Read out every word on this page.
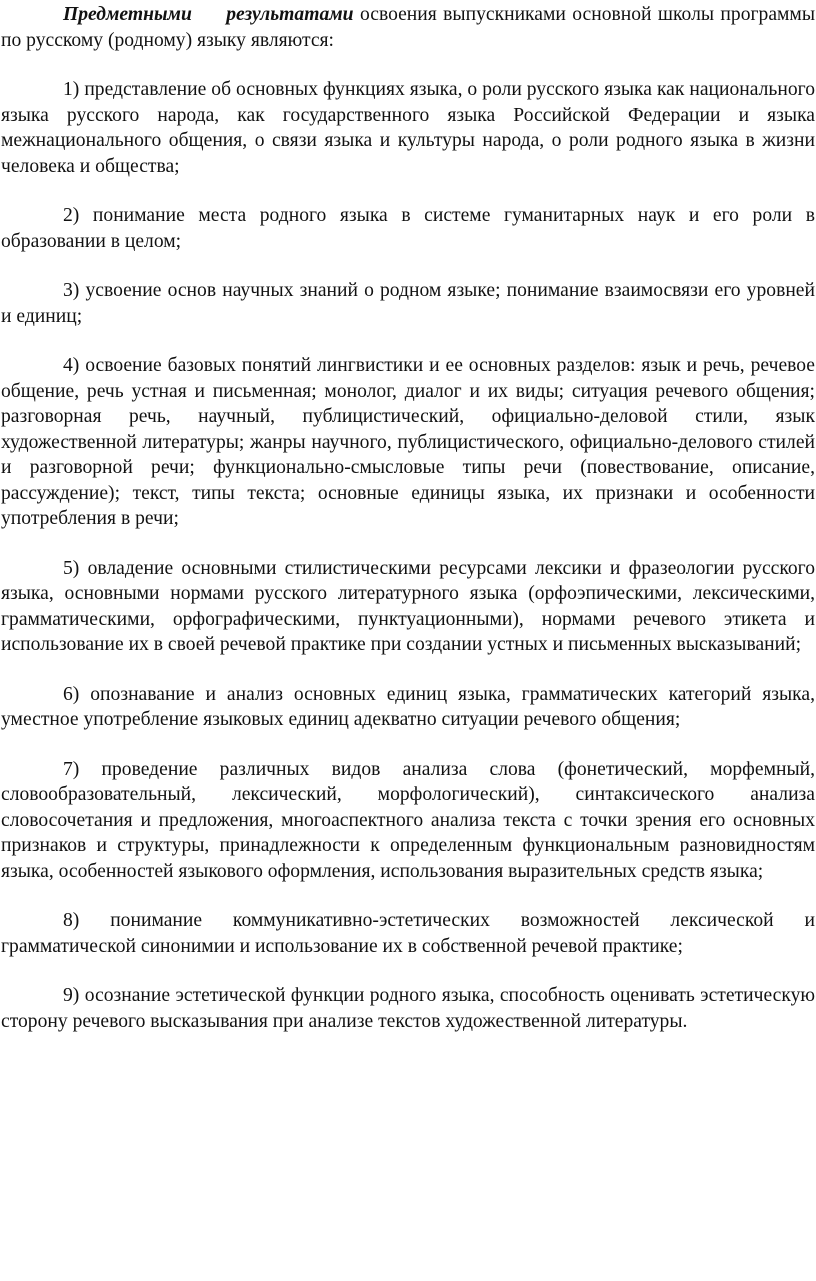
Предметными результатами освоения выпускниками основной школы программы по русскому (родному) языку являются:

1) представление об основных функциях языка, о роли русского языка как национального языка русского народа, как государственного языка Российской Федерации и языка межнационального общения, о связи языка и культуры народа, о роли родного языка в жизни человека и общества;

2) понимание места родного языка в системе гуманитарных наук и его роли в образовании в целом;

3) усвоение основ научных знаний о родном языке; понимание взаимосвязи его уровней и единиц;

4) освоение базовых понятий лингвистики и ее основных разделов: язык и речь, речевое общение, речь устная и письменная; монолог, диалог и их виды; ситуация речевого общения; разговорная речь, научный, публицистический, официально-деловой стили, язык художественной литературы; жанры научного, публицистического, официально-делового стилей и разговорной речи; функционально-смысловые типы речи (повествование, описание, рассуждение); текст, типы текста; основные единицы языка, их признаки и особенности употребления в речи;

5) овладение основными стилистическими ресурсами лексики и фразеологии русского языка, основными нормами русского литературного языка (орфоэпическими, лексическими, грамматическими, орфографическими, пунктуационными), нормами речевого этикета и использование их в своей речевой практике при создании устных и письменных высказываний;

6) опознавание и анализ основных единиц языка, грамматических категорий языка, уместное употребление языковых единиц адекватно ситуации речевого общения;

7) проведение различных видов анализа слова (фонетический, морфемный, словообразовательный, лексический, морфологический), синтаксического анализа словосочетания и предложения, многоаспектного анализа текста с точки зрения его основных признаков и структуры, принадлежности к определенным функциональным разновидностям языка, особенностей языкового оформления, использования выразительных средств языка;

8) понимание коммуникативно-эстетических возможностей лексической и грамматической синонимии и использование их в собственной речевой практике;

9) осознание эстетической функции родного языка, способность оценивать эстетическую сторону речевого высказывания при анализе текстов художественной литературы.
